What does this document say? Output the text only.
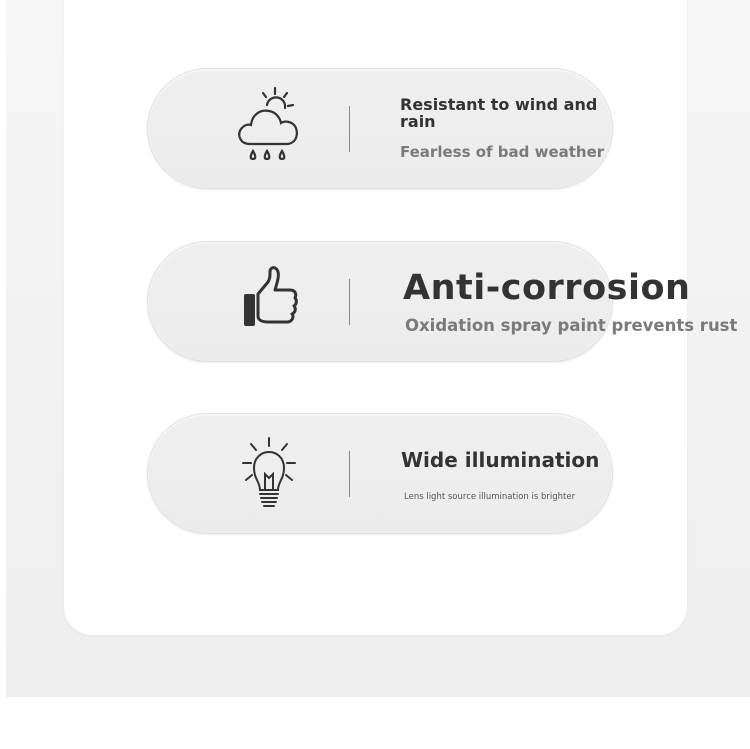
Resistant to wind and rain
Fearless of bad weather
Anti-corrosion
Oxidation spray paint prevents rust
Wide illumination
Lens light source illumination is brighter
